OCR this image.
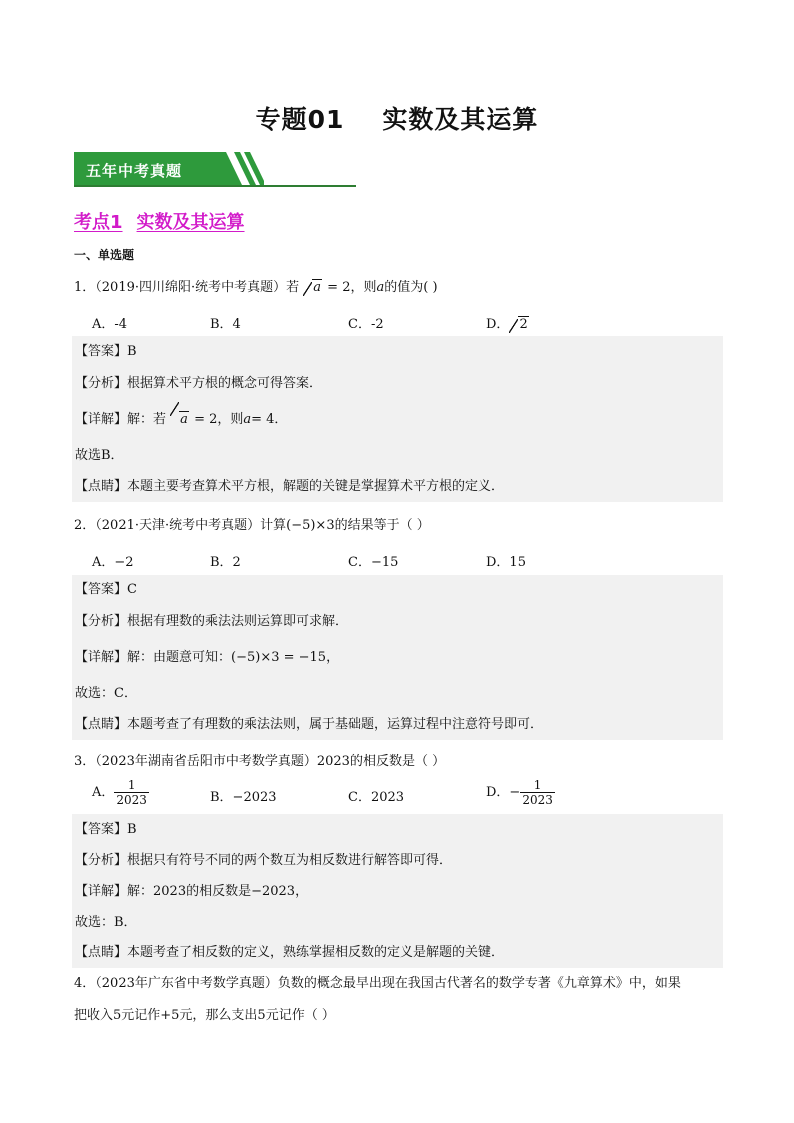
专题01 实数及其运算
五年中考真题
考点1 实数及其运算
一、单选题
1．（2019·四川绵阳·统考中考真题）若 a = 2，则a的值为( )
A．-4	B．4	C．-2	D． 2
【答案】B
【分析】根据算术平方根的概念可得答案．
【详解】解：若 a = 2，则a= 4．
故选B．
【点睛】本题主要考查算术平方根，解题的关键是掌握算术平方根的定义．
2．（2021·天津·统考中考真题）计算(−5)×3的结果等于（ ）
A．−2	B．2	C．−15	D．15
【答案】C
【分析】根据有理数的乘法法则运算即可求解．
【详解】解：由题意可知：(−5)×3 = −15，
故选：C．
【点睛】本题考查了有理数的乘法法则，属于基础题，运算过程中注意符号即可．
3．（2023年湖南省岳阳市中考数学真题）2023的相反数是（ ）
A． $\frac{1}{2023}$	B．−2023	C．2023	D．− $\frac{1}{2023}$
【答案】B
【分析】根据只有符号不同的两个数互为相反数进行解答即可得．
【详解】解：2023的相反数是−2023，
故选：B．
【点睛】本题考查了相反数的定义，熟练掌握相反数的定义是解题的关键．
4．（2023年广东省中考数学真题）负数的概念最早出现在我国古代著名的数学专著《九章算术》中，如果
把收入5元记作+5元，那么支出5元记作（ ）
